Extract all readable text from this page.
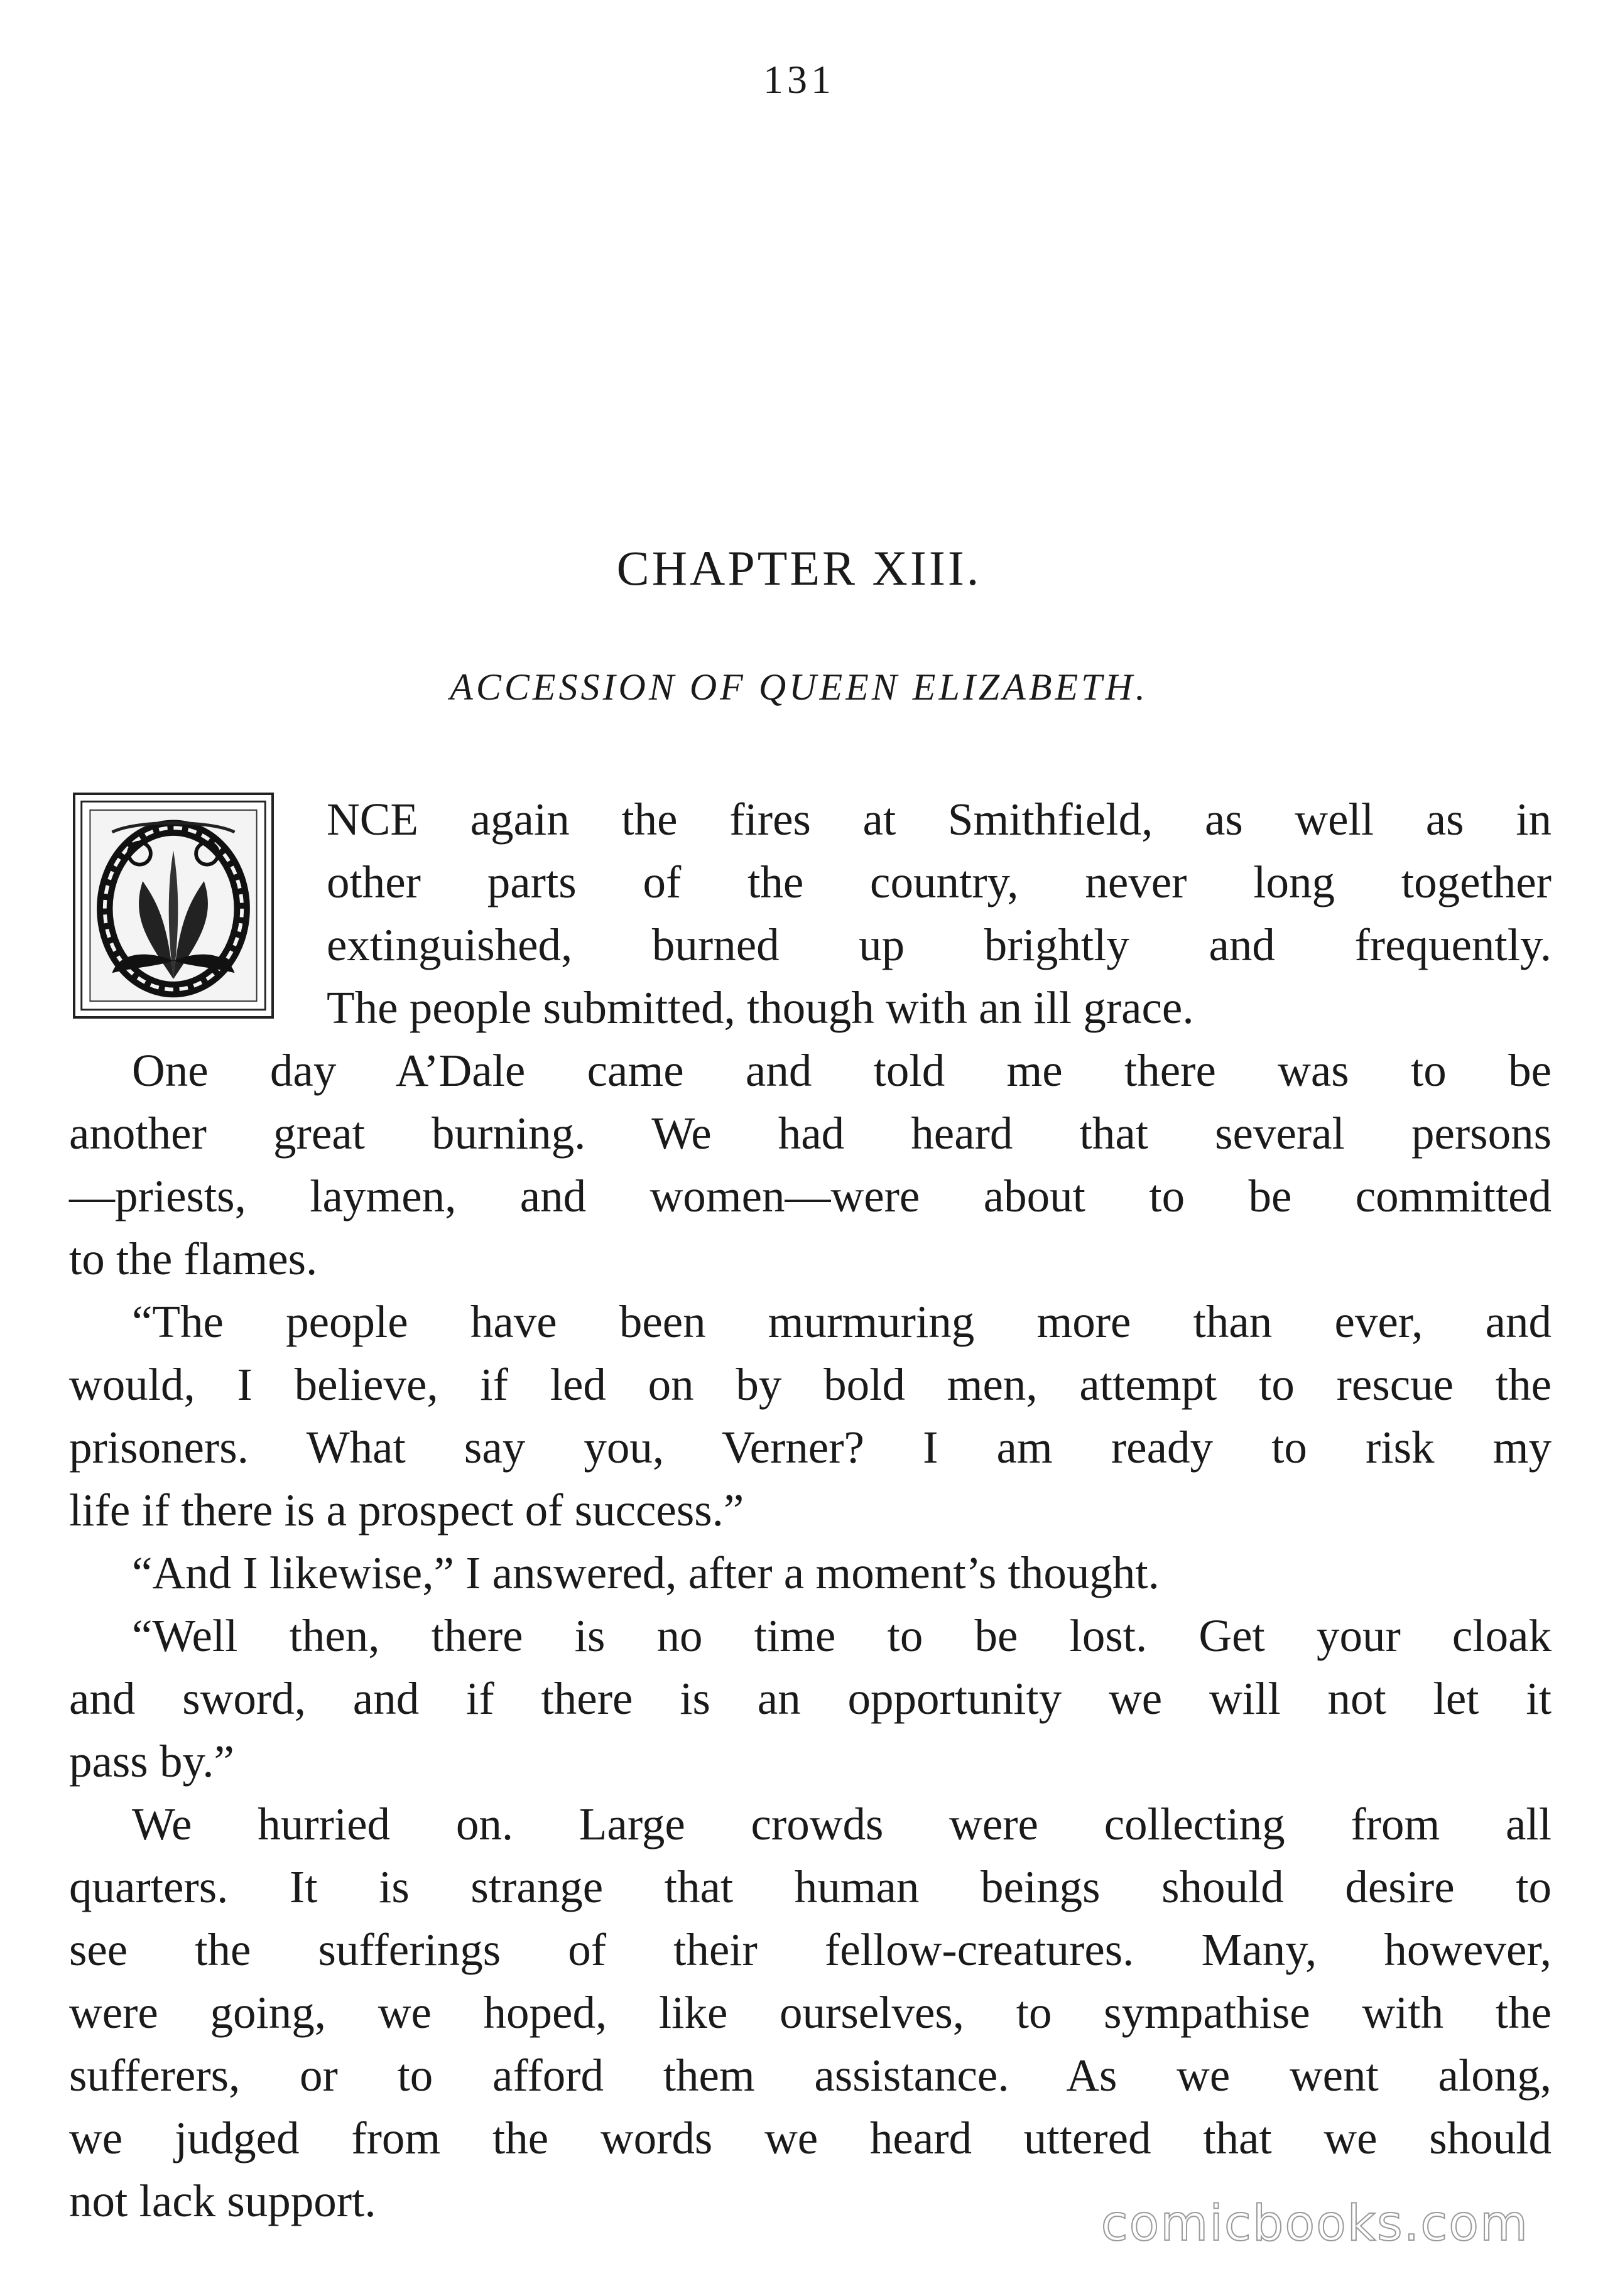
131
CHAPTER XIII.
ACCESSION OF QUEEN ELIZABETH.
NCE again the fires at Smithfield, as well as in
other parts of the country, never long together
extinguished, burned up brightly and frequently.
The people submitted, though with an ill grace.
One day A’Dale came and told me there was to be
another great burning. We had heard that several persons
—priests, laymen, and women—were about to be committed
to the flames.
“The people have been murmuring more than ever, and
would, I believe, if led on by bold men, attempt to rescue the
prisoners. What say you, Verner? I am ready to risk my
life if there is a prospect of success.”
“And I likewise,” I answered, after a moment’s thought.
“Well then, there is no time to be lost. Get your cloak
and sword, and if there is an opportunity we will not let it
pass by.”
We hurried on. Large crowds were collecting from all
quarters. It is strange that human beings should desire to
see the sufferings of their fellow-creatures. Many, however,
were going, we hoped, like ourselves, to sympathise with the
sufferers, or to afford them assistance. As we went along,
we judged from the words we heard uttered that we should
not lack support.	comicbooks.com
